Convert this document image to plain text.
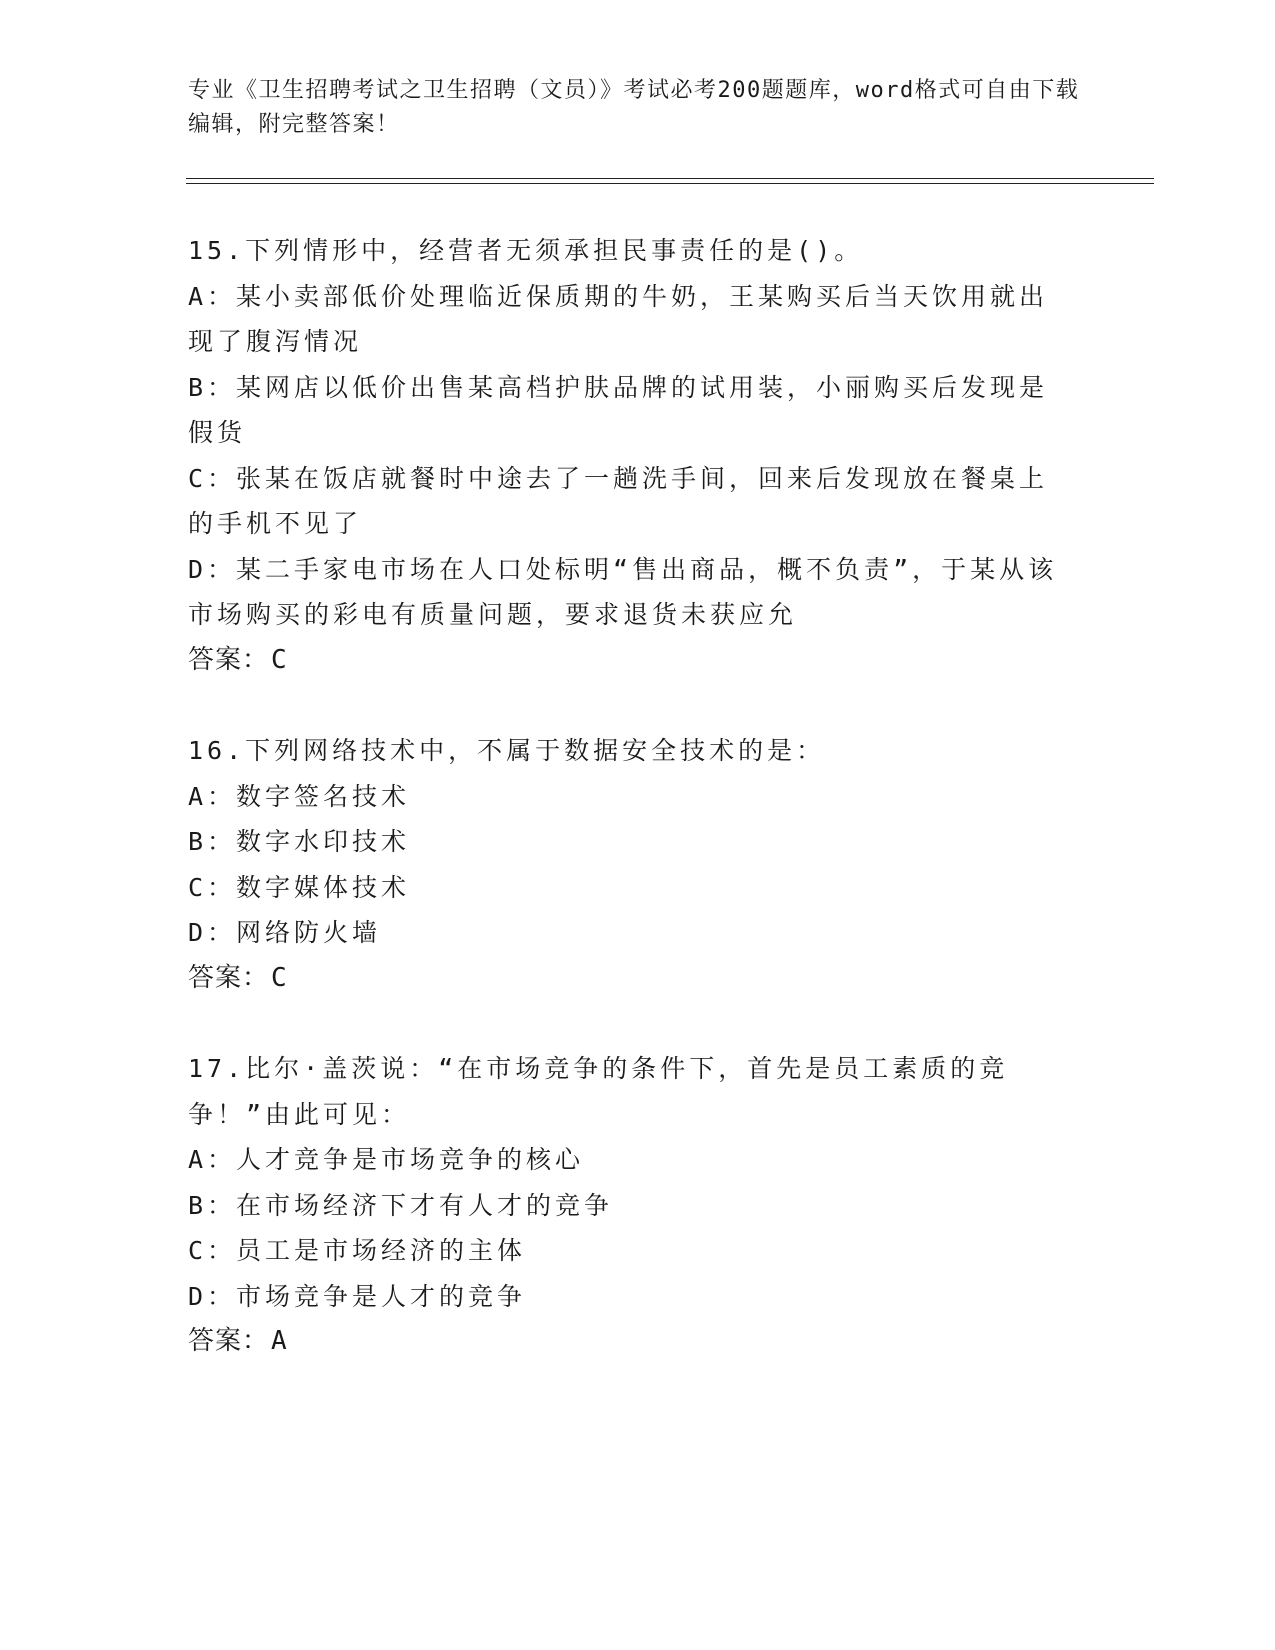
专业《卫生招聘考试之卫生招聘（文员）》考试必考200题题库，word格式可自由下载编辑，附完整答案！

15.下列情形中，经营者无须承担民事责任的是()。

A：某小卖部低价处理临近保质期的牛奶，王某购买后当天饮用就出现了腹泻情况

B：某网店以低价出售某高档护肤品牌的试用装，小丽购买后发现是假货

C：张某在饭店就餐时中途去了一趟洗手间，回来后发现放在餐桌上的手机不见了

D：某二手家电市场在人口处标明“售出商品，概不负责”，于某从该市场购买的彩电有质量问题，要求退货未获应允

答案：C

16.下列网络技术中，不属于数据安全技术的是：

A：数字签名技术

B：数字水印技术

C：数字媒体技术

D：网络防火墙

答案：C

17.比尔·盖茨说：“在市场竞争的条件下，首先是员工素质的竞争！”由此可见：

A：人才竞争是市场竞争的核心

B：在市场经济下才有人才的竞争

C：员工是市场经济的主体

D：市场竞争是人才的竞争

答案：A
